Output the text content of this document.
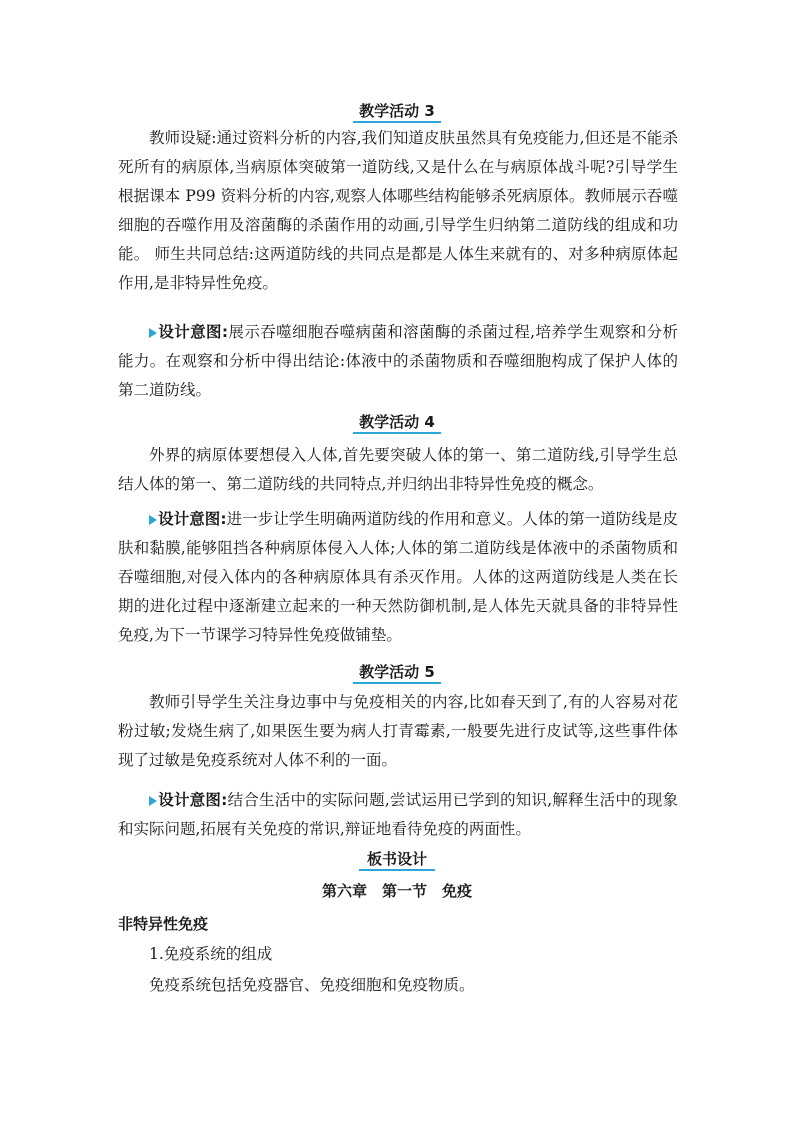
教学活动 3

教师设疑:通过资料分析的内容,我们知道皮肤虽然具有免疫能力,但还是不能杀死所有的病原体,当病原体突破第一道防线,又是什么在与病原体战斗呢?引导学生根据课本 P99 资料分析的内容,观察人体哪些结构能够杀死病原体。教师展示吞噬细胞的吞噬作用及溶菌酶的杀菌作用的动画,引导学生归纳第二道防线的组成和功能。 师生共同总结:这两道防线的共同点是都是人体生来就有的、对多种病原体起作用,是非特异性免疫。

设计意图:展示吞噬细胞吞噬病菌和溶菌酶的杀菌过程,培养学生观察和分析能力。在观察和分析中得出结论:体液中的杀菌物质和吞噬细胞构成了保护人体的第二道防线。

教学活动 4

外界的病原体要想侵入人体,首先要突破人体的第一、第二道防线,引导学生总结人体的第一、第二道防线的共同特点,并归纳出非特异性免疫的概念。

设计意图:进一步让学生明确两道防线的作用和意义。人体的第一道防线是皮肤和黏膜,能够阻挡各种病原体侵入人体;人体的第二道防线是体液中的杀菌物质和吞噬细胞,对侵入体内的各种病原体具有杀灭作用。人体的这两道防线是人类在长期的进化过程中逐渐建立起来的一种天然防御机制,是人体先天就具备的非特异性免疫,为下一节课学习特异性免疫做铺垫。

教学活动 5

教师引导学生关注身边事中与免疫相关的内容,比如春天到了,有的人容易对花粉过敏;发烧生病了,如果医生要为病人打青霉素,一般要先进行皮试等,这些事件体现了过敏是免疫系统对人体不利的一面。

设计意图:结合生活中的实际问题,尝试运用已学到的知识,解释生活中的现象和实际问题,拓展有关免疫的常识,辩证地看待免疫的两面性。

板书设计
第六章　第一节　免疫
非特异性免疫
1.免疫系统的组成
免疫系统包括免疫器官、免疫细胞和免疫物质。
